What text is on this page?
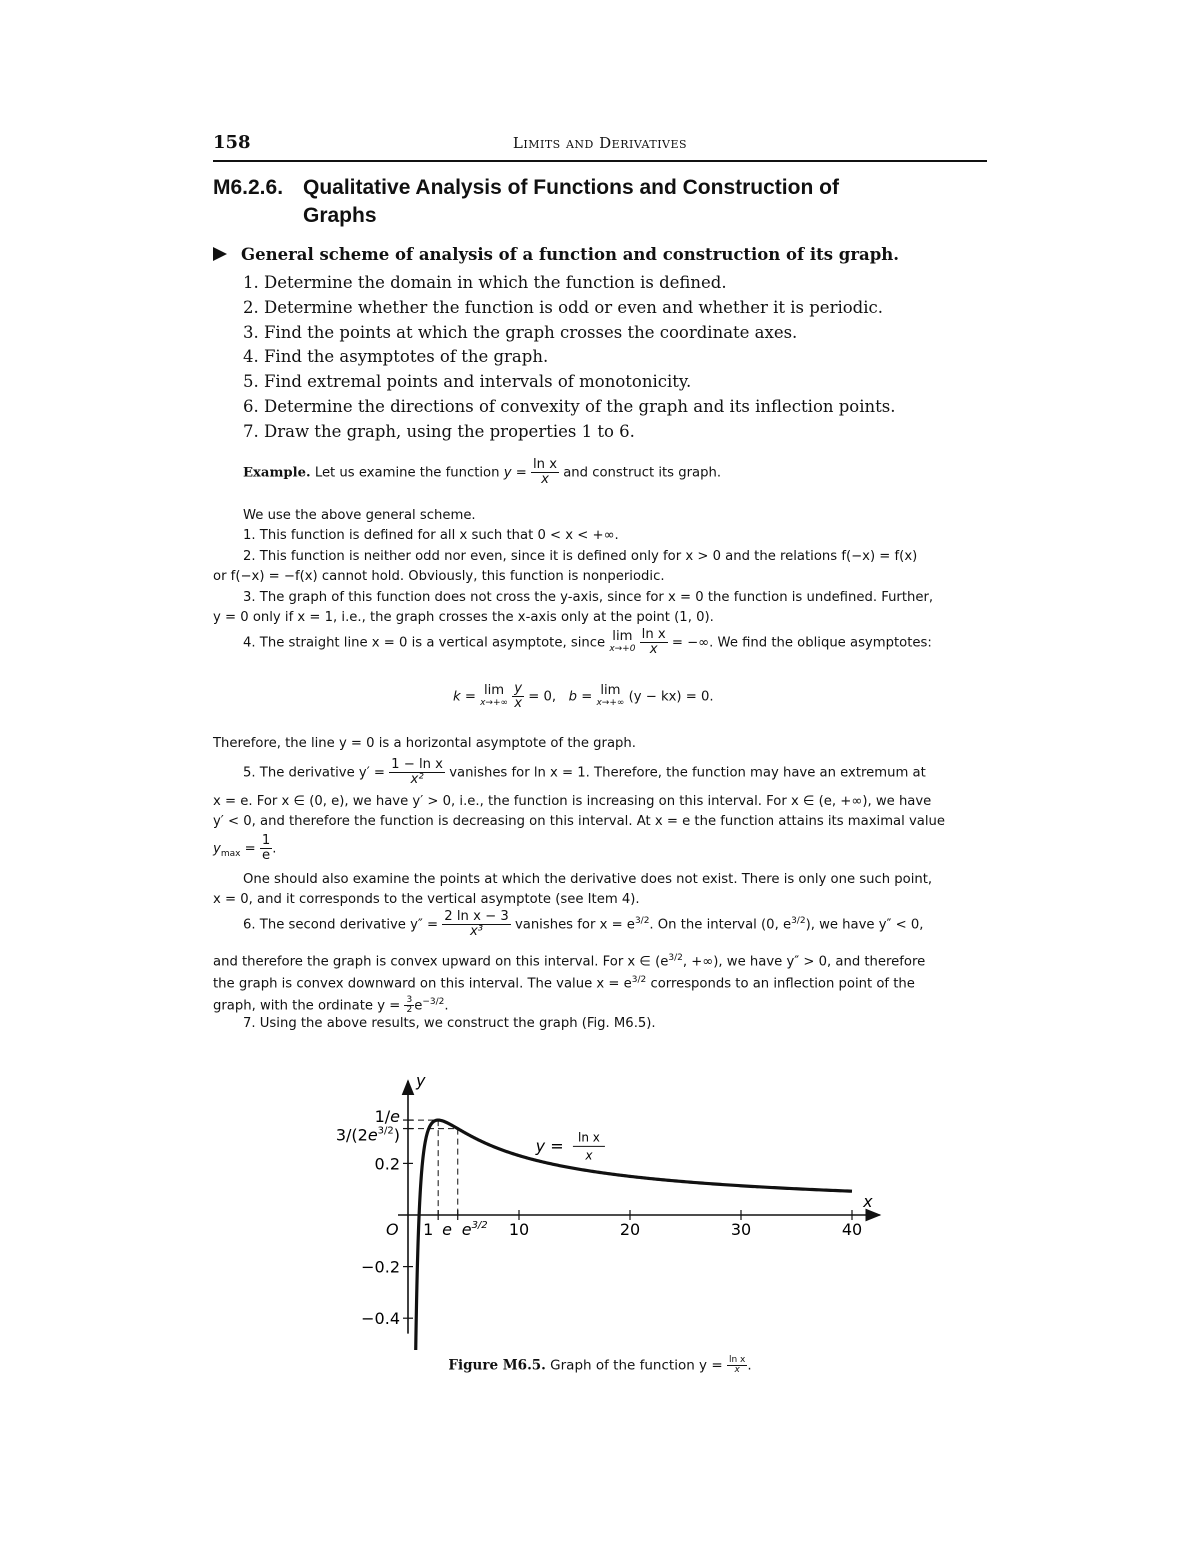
158	Limits and Derivatives
M6.2.6. Qualitative Analysis of Functions and Construction of
Graphs
General scheme of analysis of a function and construction of its graph.
1. Determine the domain in which the function is defined.
2. Determine whether the function is odd or even and whether it is periodic.
3. Find the points at which the graph crosses the coordinate axes.
4. Find the asymptotes of the graph.
5. Find extremal points and intervals of monotonicity.
6. Determine the directions of convexity of the graph and its inflection points.
7. Draw the graph, using the properties 1 to 6.
Example. Let us examine the function $y = \frac{\text{ln x}}{x}$ and construct its graph.
We use the above general scheme.
1. This function is defined for all x such that 0 < x < +∞.
2. This function is neither odd nor even, since it is defined only for x > 0 and the relations f(−x) = f(x)
or f(−x) = −f(x) cannot hold. Obviously, this function is nonperiodic.
3. The graph of this function does not cross the y-axis, since for x = 0 the function is undefined. Further,
y = 0 only if x = 1, i.e., the graph crosses the x-axis only at the point (1, 0).
4. The straight line x = 0 is a vertical asymptote, since lim
x→+0
$\frac{\text{ln x}}{x}$ = −∞. We find the oblique asymptotes:
k = lim
x→+∞
$\frac{y}{x} = 0$, b = lim
x→+∞ (y − kx) = 0.
Therefore, the line y = 0 is a horizontal asymptote of the graph.
5. The derivative $y' = \frac{\text{1 − ln x}}{\text{x²}}$ vanishes for ln x = 1. Therefore, the function may have an extremum at
x = e. For x ∈ (0, e), we have y′ > 0, i.e., the function is increasing on this interval. For x ∈ (e, +∞), we have
y′ < 0, and therefore the function is decreasing on this interval. At x = e the function attains its maximal value
$y_{max} = \frac{1}{e}$ .
One should also examine the points at which the derivative does not exist. There is only one such point,
x = 0, and it corresponds to the vertical asymptote (see Item 4).
6. The second derivative $y'' = \frac{\text{2 ln x − 3}}{\text{x³}}$ vanishes for $x = e^{3/2}$. On the interval (0, $e^{3/2}$), we have y″ < 0,
and therefore the graph is convex upward on this interval. For x ∈ ($e^{3/2}$, +∞), we have y″ > 0, and therefore
the graph is convex downward on this interval. The value $x = e^{3/2}$ corresponds to an inflection point of the
graph, with the ordinate $y = \frac{3}{2} e^{-3/2}$.
7. Using the above results, we construct the graph (Fig. M6.5).
1 e $e^{3/2}$ 10	20	30	40
1/e
$3/(2e^{3/2})$
0.2
−0.2
−0.4
O
x
y
y = ln x
x
Figure M6.5. Graph of the function $y = \frac{\text{ln x}}{x}$ .
